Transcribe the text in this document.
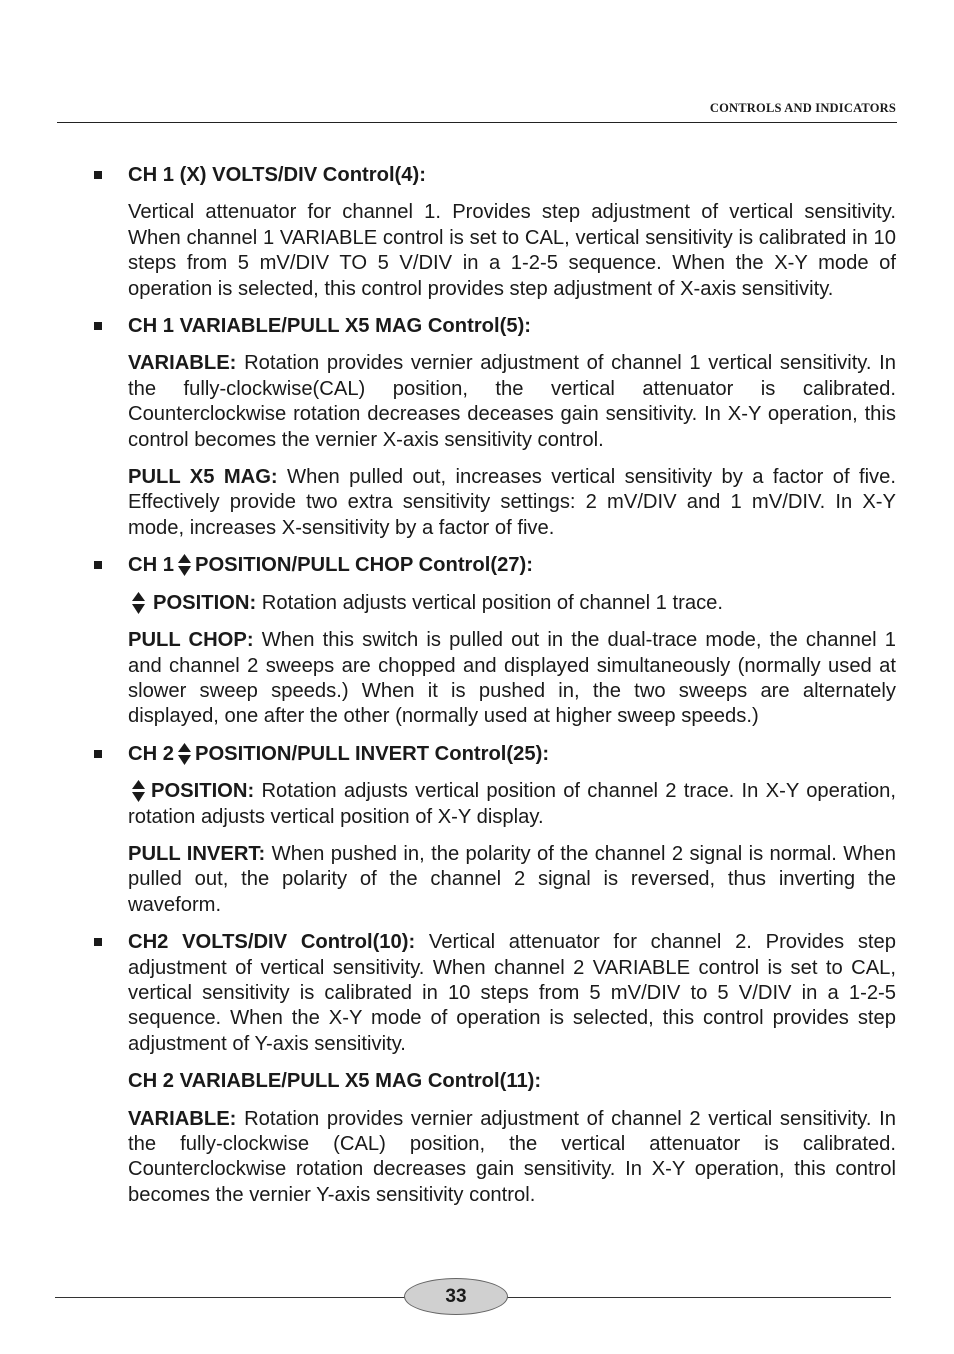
CONTROLS AND INDICATORS

CH 1 (X) VOLTS/DIV Control(4):

Vertical attenuator for channel 1. Provides step adjustment of vertical sensitivity. When channel 1 VARIABLE control is set to CAL, vertical sensitivity is calibrated in 10 steps from 5 mV/DIV TO 5 V/DIV in a 1-2-5 sequence. When the X-Y mode of operation is selected, this control provides step adjustment of X-axis sensitivity.

CH 1 VARIABLE/PULL X5 MAG Control(5):

VARIABLE: Rotation provides vernier adjustment of channel 1 vertical sensitivity. In the fully-clockwise(CAL) position, the vertical attenuator is calibrated. Counterclockwise rotation decreases deceases gain sensitivity. In X-Y operation, this control becomes the vernier X-axis sensitivity control.

PULL X5 MAG: When pulled out, increases vertical sensitivity by a factor of five. Effectively provide two extra sensitivity settings: 2 mV/DIV and 1 mV/DIV. In X-Y mode, increases X-sensitivity by a factor of five.

CH 1 POSITION/PULL CHOP Control(27):

POSITION: Rotation adjusts vertical position of channel 1 trace.

PULL CHOP: When this switch is pulled out in the dual-trace mode, the channel 1 and channel 2 sweeps are chopped and displayed simultaneously (normally used at slower sweep speeds.) When it is pushed in, the two sweeps are alternately displayed, one after the other (normally used at higher sweep speeds.)

CH 2 POSITION/PULL INVERT Control(25):

POSITION: Rotation adjusts vertical position of channel 2 trace. In X-Y operation, rotation adjusts vertical position of X-Y display.

PULL INVERT: When pushed in, the polarity of the channel 2 signal is normal. When pulled out, the polarity of the channel 2 signal is reversed, thus inverting the waveform.

CH2 VOLTS/DIV Control(10): Vertical attenuator for channel 2. Provides step adjustment of vertical sensitivity. When channel 2 VARIABLE control is set to CAL, vertical sensitivity is calibrated in 10 steps from 5 mV/DIV to 5 V/DIV in a 1-2-5 sequence. When the X-Y mode of operation is selected, this control provides step adjustment of Y-axis sensitivity.

CH 2 VARIABLE/PULL X5 MAG Control(11):

VARIABLE: Rotation provides vernier adjustment of channel 2 vertical sensitivity. In the fully-clockwise (CAL) position, the vertical attenuator is calibrated. Counterclockwise rotation decreases gain sensitivity. In X-Y operation, this control becomes the vernier Y-axis sensitivity control.

33
